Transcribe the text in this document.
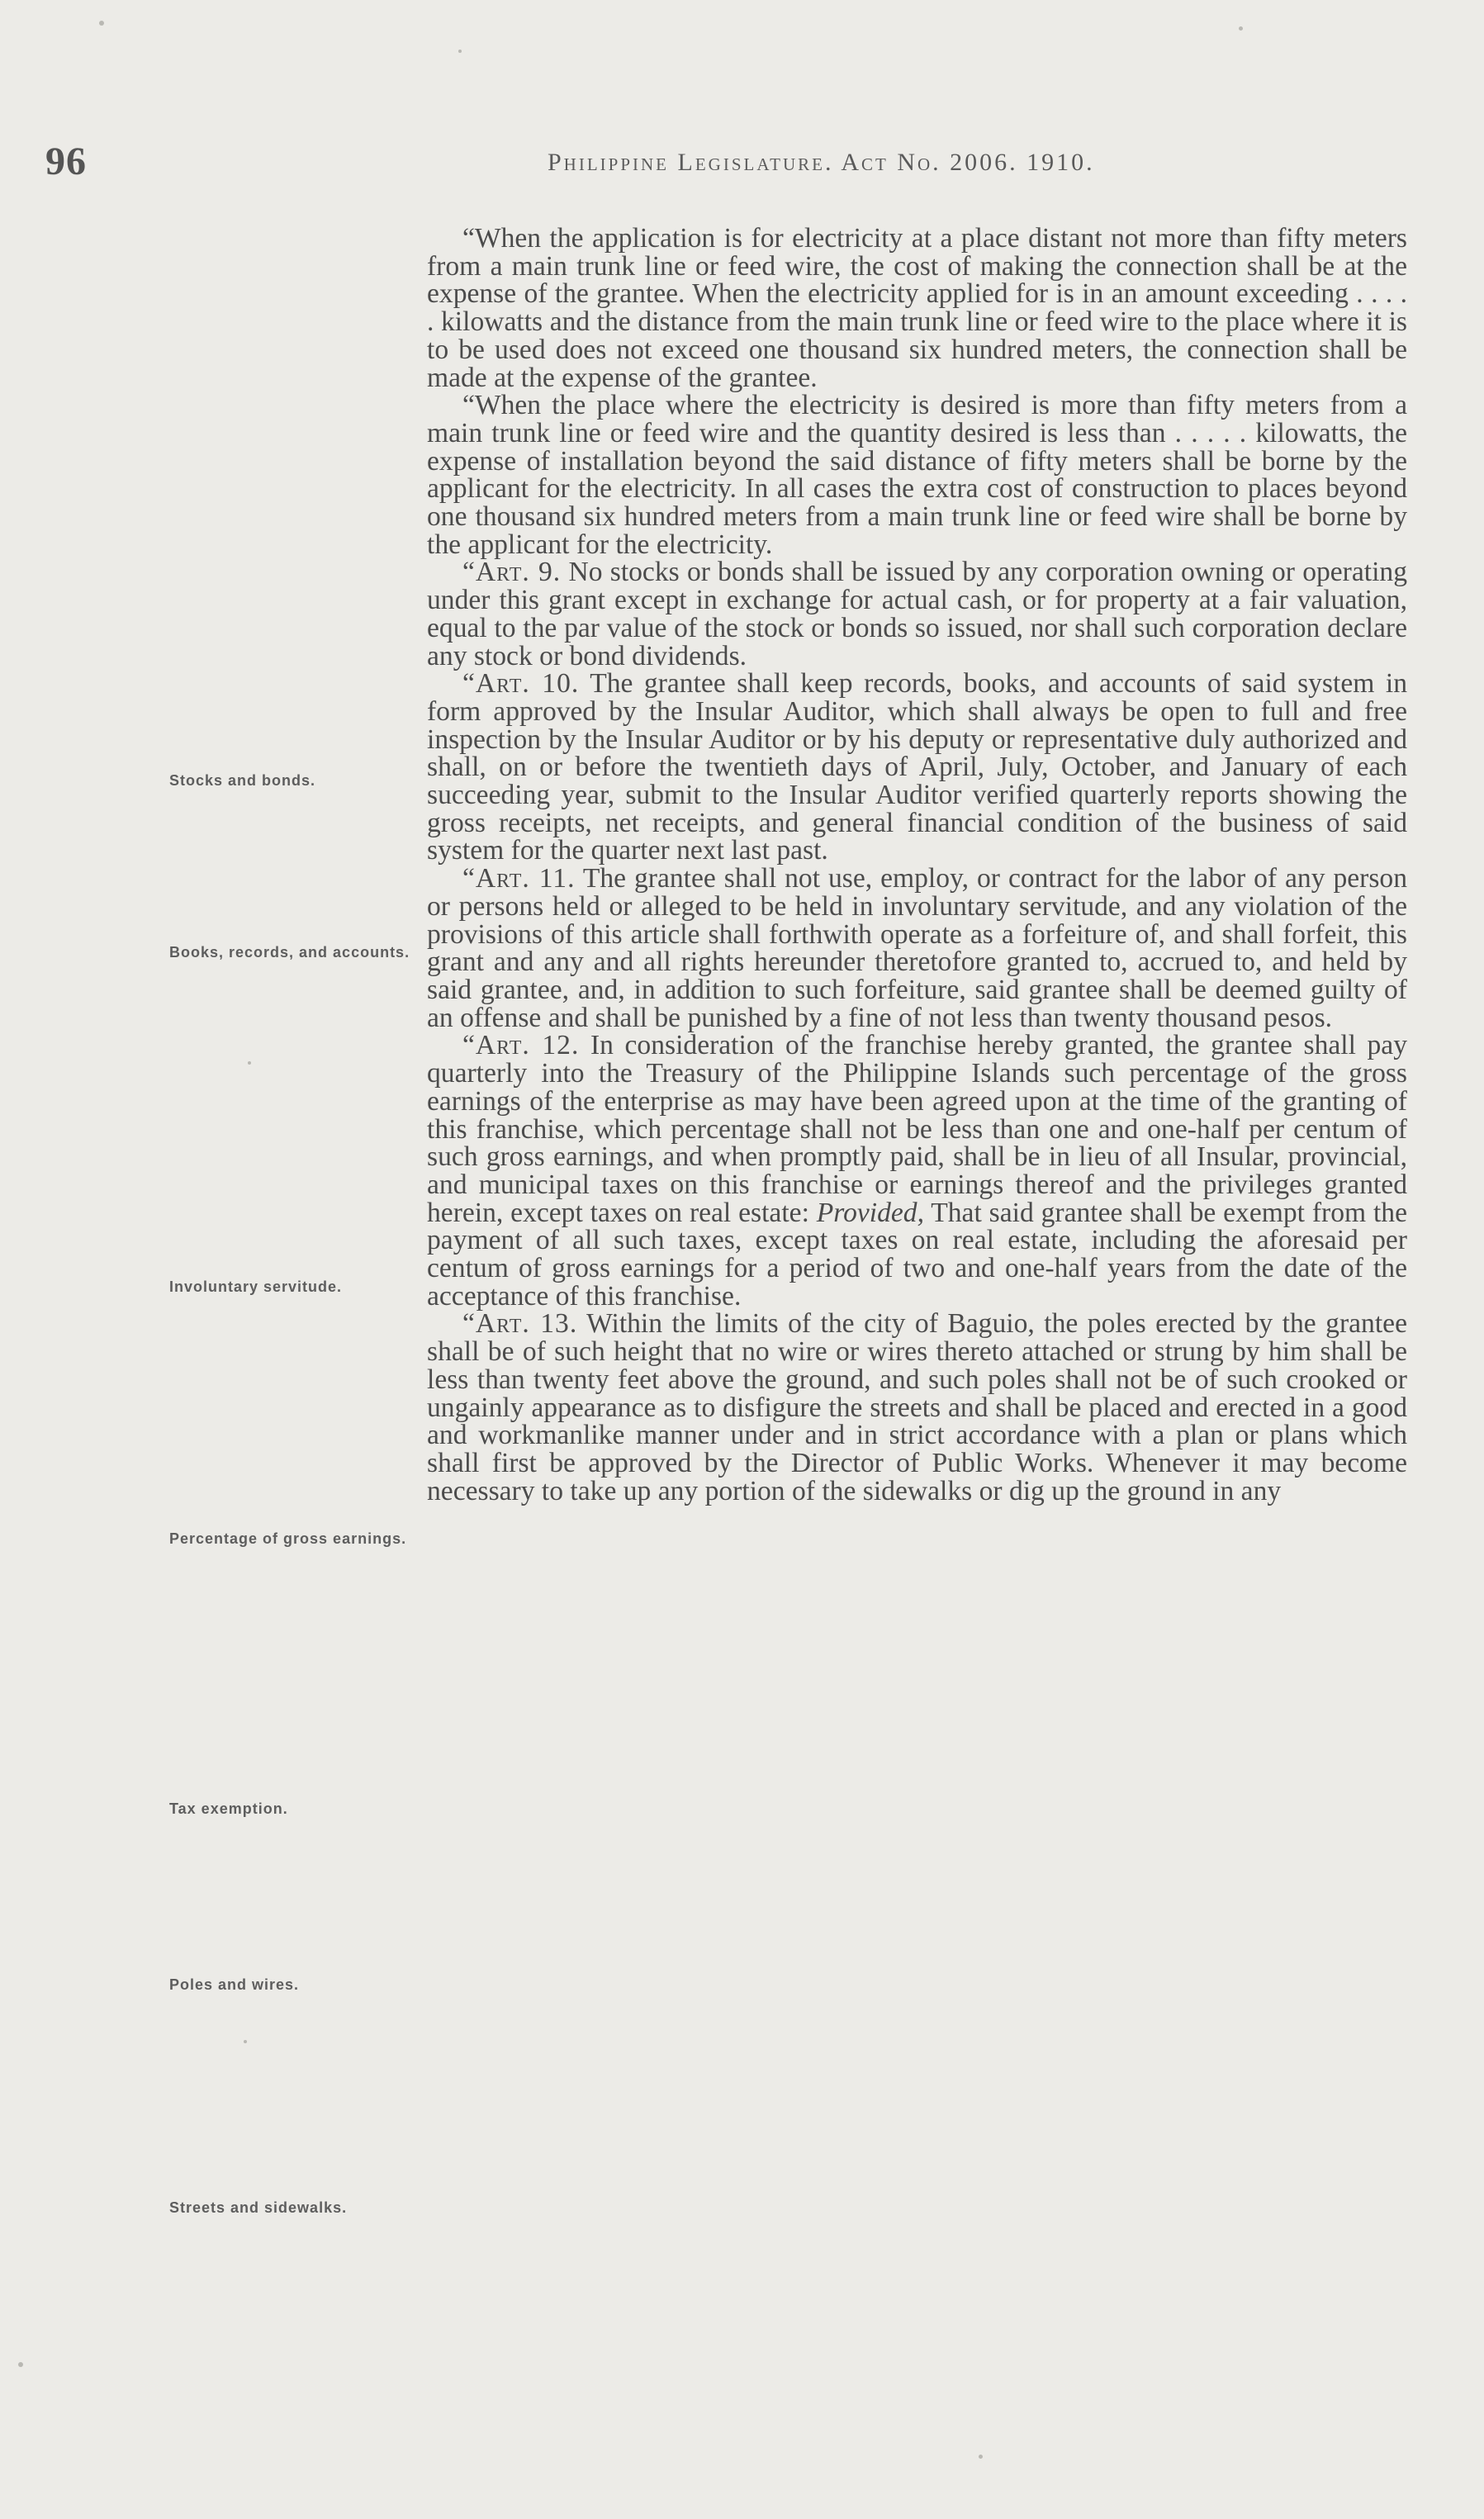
96	Philippine Legislature. Act No. 2006. 1910.

“When the application is for electricity at a place distant not more than fifty meters from a main trunk line or feed wire, the cost of making the connection shall be at the expense of the grantee. When the electricity applied for is in an amount exceeding . . . . . kilowatts and the distance from the main trunk line or feed wire to the place where it is to be used does not exceed one thousand six hundred meters, the connection shall be made at the expense of the grantee.

“When the place where the electricity is desired is more than fifty meters from a main trunk line or feed wire and the quantity desired is less than . . . . . kilowatts, the expense of installation beyond the said distance of fifty meters shall be borne by the applicant for the electricity. In all cases the extra cost of construction to places beyond one thousand six hundred meters from a main trunk line or feed wire shall be borne by the applicant for the electricity.

“Art. 9. No stocks or bonds shall be issued by any corporation owning or operating under this grant except in exchange for actual cash, or for property at a fair valuation, equal to the par value of the stock or bonds so issued, nor shall such corporation declare any stock or bond dividends.

“Art. 10. The grantee shall keep records, books, and accounts of said system in form approved by the Insular Auditor, which shall always be open to full and free inspection by the Insular Auditor or by his deputy or representative duly authorized and shall, on or before the twentieth days of April, July, October, and January of each succeeding year, submit to the Insular Auditor verified quarterly reports showing the gross receipts, net receipts, and general financial condition of the business of said system for the quarter next last past.

“Art. 11. The grantee shall not use, employ, or contract for the labor of any person or persons held or alleged to be held in involuntary servitude, and any violation of the provisions of this article shall forthwith operate as a forfeiture of, and shall forfeit, this grant and any and all rights hereunder theretofore granted to, accrued to, and held by said grantee, and, in addition to such forfeiture, said grantee shall be deemed guilty of an offense and shall be punished by a fine of not less than twenty thousand pesos.

“Art. 12. In consideration of the franchise hereby granted, the grantee shall pay quarterly into the Treasury of the Philippine Islands such percentage of the gross earnings of the enterprise as may have been agreed upon at the time of the granting of this franchise, which percentage shall not be less than one and one-half per centum of such gross earnings, and when promptly paid, shall be in lieu of all Insular, provincial, and municipal taxes on this franchise or earnings thereof and the privileges granted herein, except taxes on real estate: Provided, That said grantee shall be exempt from the payment of all such taxes, except taxes on real estate, including the aforesaid per centum of gross earnings for a period of two and one-half years from the date of the acceptance of this franchise.

“Art. 13. Within the limits of the city of Baguio, the poles erected by the grantee shall be of such height that no wire or wires thereto attached or strung by him shall be less than twenty feet above the ground, and such poles shall not be of such crooked or ungainly appearance as to disfigure the streets and shall be placed and erected in a good and workmanlike manner under and in strict accordance with a plan or plans which shall first be approved by the Director of Public Works. Whenever it may become necessary to take up any portion of the sidewalks or dig up the ground in any

Stocks and bonds.
Books, records, and accounts.
Involuntary servitude.
Percentage of gross earnings.
Tax exemption.
Poles and wires.
Streets and sidewalks.
